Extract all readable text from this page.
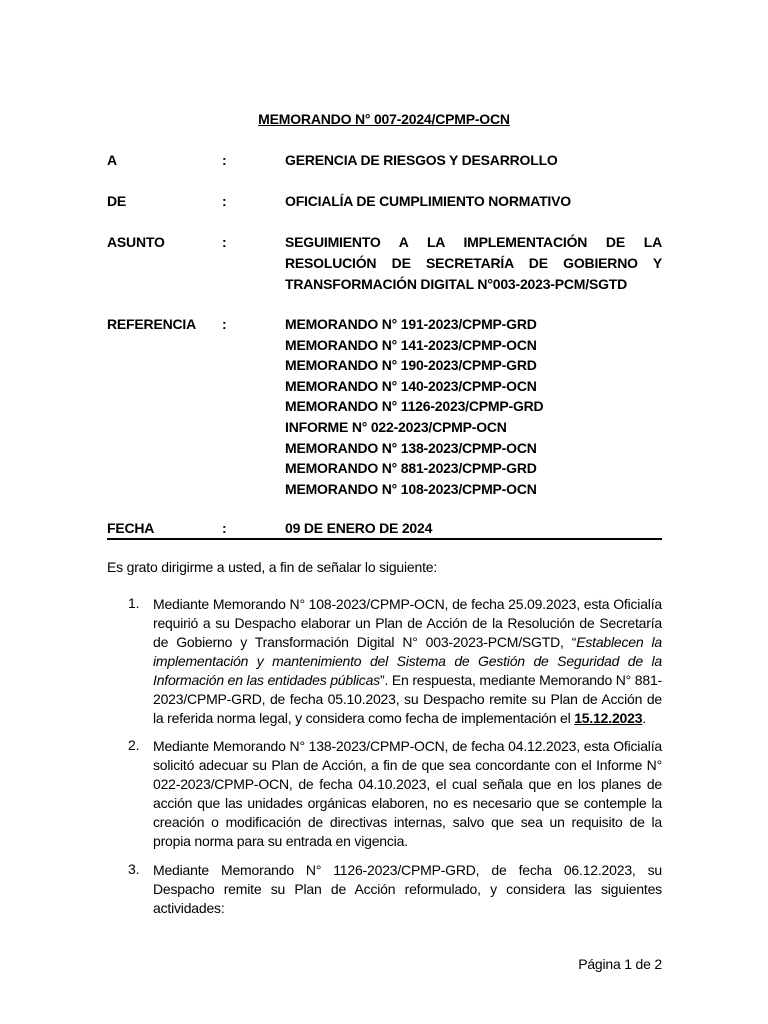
MEMORANDO N° 007-2024/CPMP-OCN
A	:	GERENCIA DE RIESGOS Y DESARROLLO
DE	:	OFICIALÍA DE CUMPLIMIENTO NORMATIVO
ASUNTO	:	SEGUIMIENTO A LA IMPLEMENTACIÓN DE LA RESOLUCIÓN DE SECRETARÍA DE GOBIERNO Y TRANSFORMACIÓN DIGITAL N°003-2023-PCM/SGTD
REFERENCIA :	MEMORANDO N° 191-2023/CPMP-GRD
MEMORANDO N° 141-2023/CPMP-OCN
MEMORANDO N° 190-2023/CPMP-GRD
MEMORANDO N° 140-2023/CPMP-OCN
MEMORANDO N° 1126-2023/CPMP-GRD
INFORME N° 022-2023/CPMP-OCN
MEMORANDO N° 138-2023/CPMP-OCN
MEMORANDO N° 881-2023/CPMP-GRD
MEMORANDO N° 108-2023/CPMP-OCN
FECHA	:	09 DE ENERO DE 2024
Es grato dirigirme a usted, a fin de señalar lo siguiente:
1. Mediante Memorando N° 108-2023/CPMP-OCN, de fecha 25.09.2023, esta Oficialía requirió a su Despacho elaborar un Plan de Acción de la Resolución de Secretaría de Gobierno y Transformación Digital N° 003-2023-PCM/SGTD, “Establecen la implementación y mantenimiento del Sistema de Gestión de Seguridad de la Información en las entidades públicas”. En respuesta, mediante Memorando N° 881-2023/CPMP-GRD, de fecha 05.10.2023, su Despacho remite su Plan de Acción de la referida norma legal, y considera como fecha de implementación el 15.12.2023.
2. Mediante Memorando N° 138-2023/CPMP-OCN, de fecha 04.12.2023, esta Oficialía solicitó adecuar su Plan de Acción, a fin de que sea concordante con el Informe N° 022-2023/CPMP-OCN, de fecha 04.10.2023, el cual señala que en los planes de acción que las unidades orgánicas elaboren, no es necesario que se contemple la creación o modificación de directivas internas, salvo que sea un requisito de la propia norma para su entrada en vigencia.
3. Mediante Memorando N° 1126-2023/CPMP-GRD, de fecha 06.12.2023, su Despacho remite su Plan de Acción reformulado, y considera las siguientes actividades:
Página 1 de 2
